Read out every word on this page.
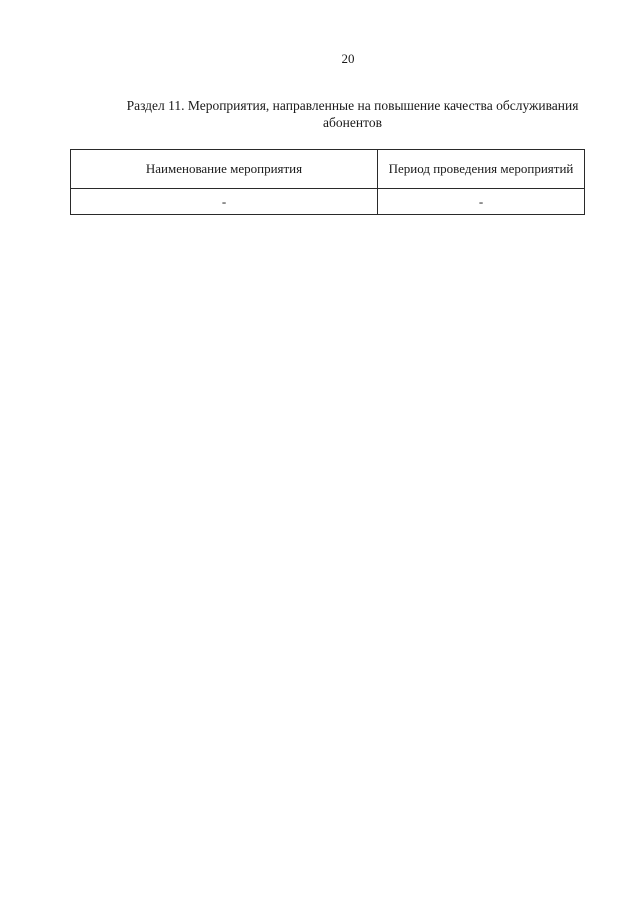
20
Раздел 11. Мероприятия, направленные на повышение качества обслуживания
абонентов
Наименование мероприятия	Период проведения мероприятий
-	-
